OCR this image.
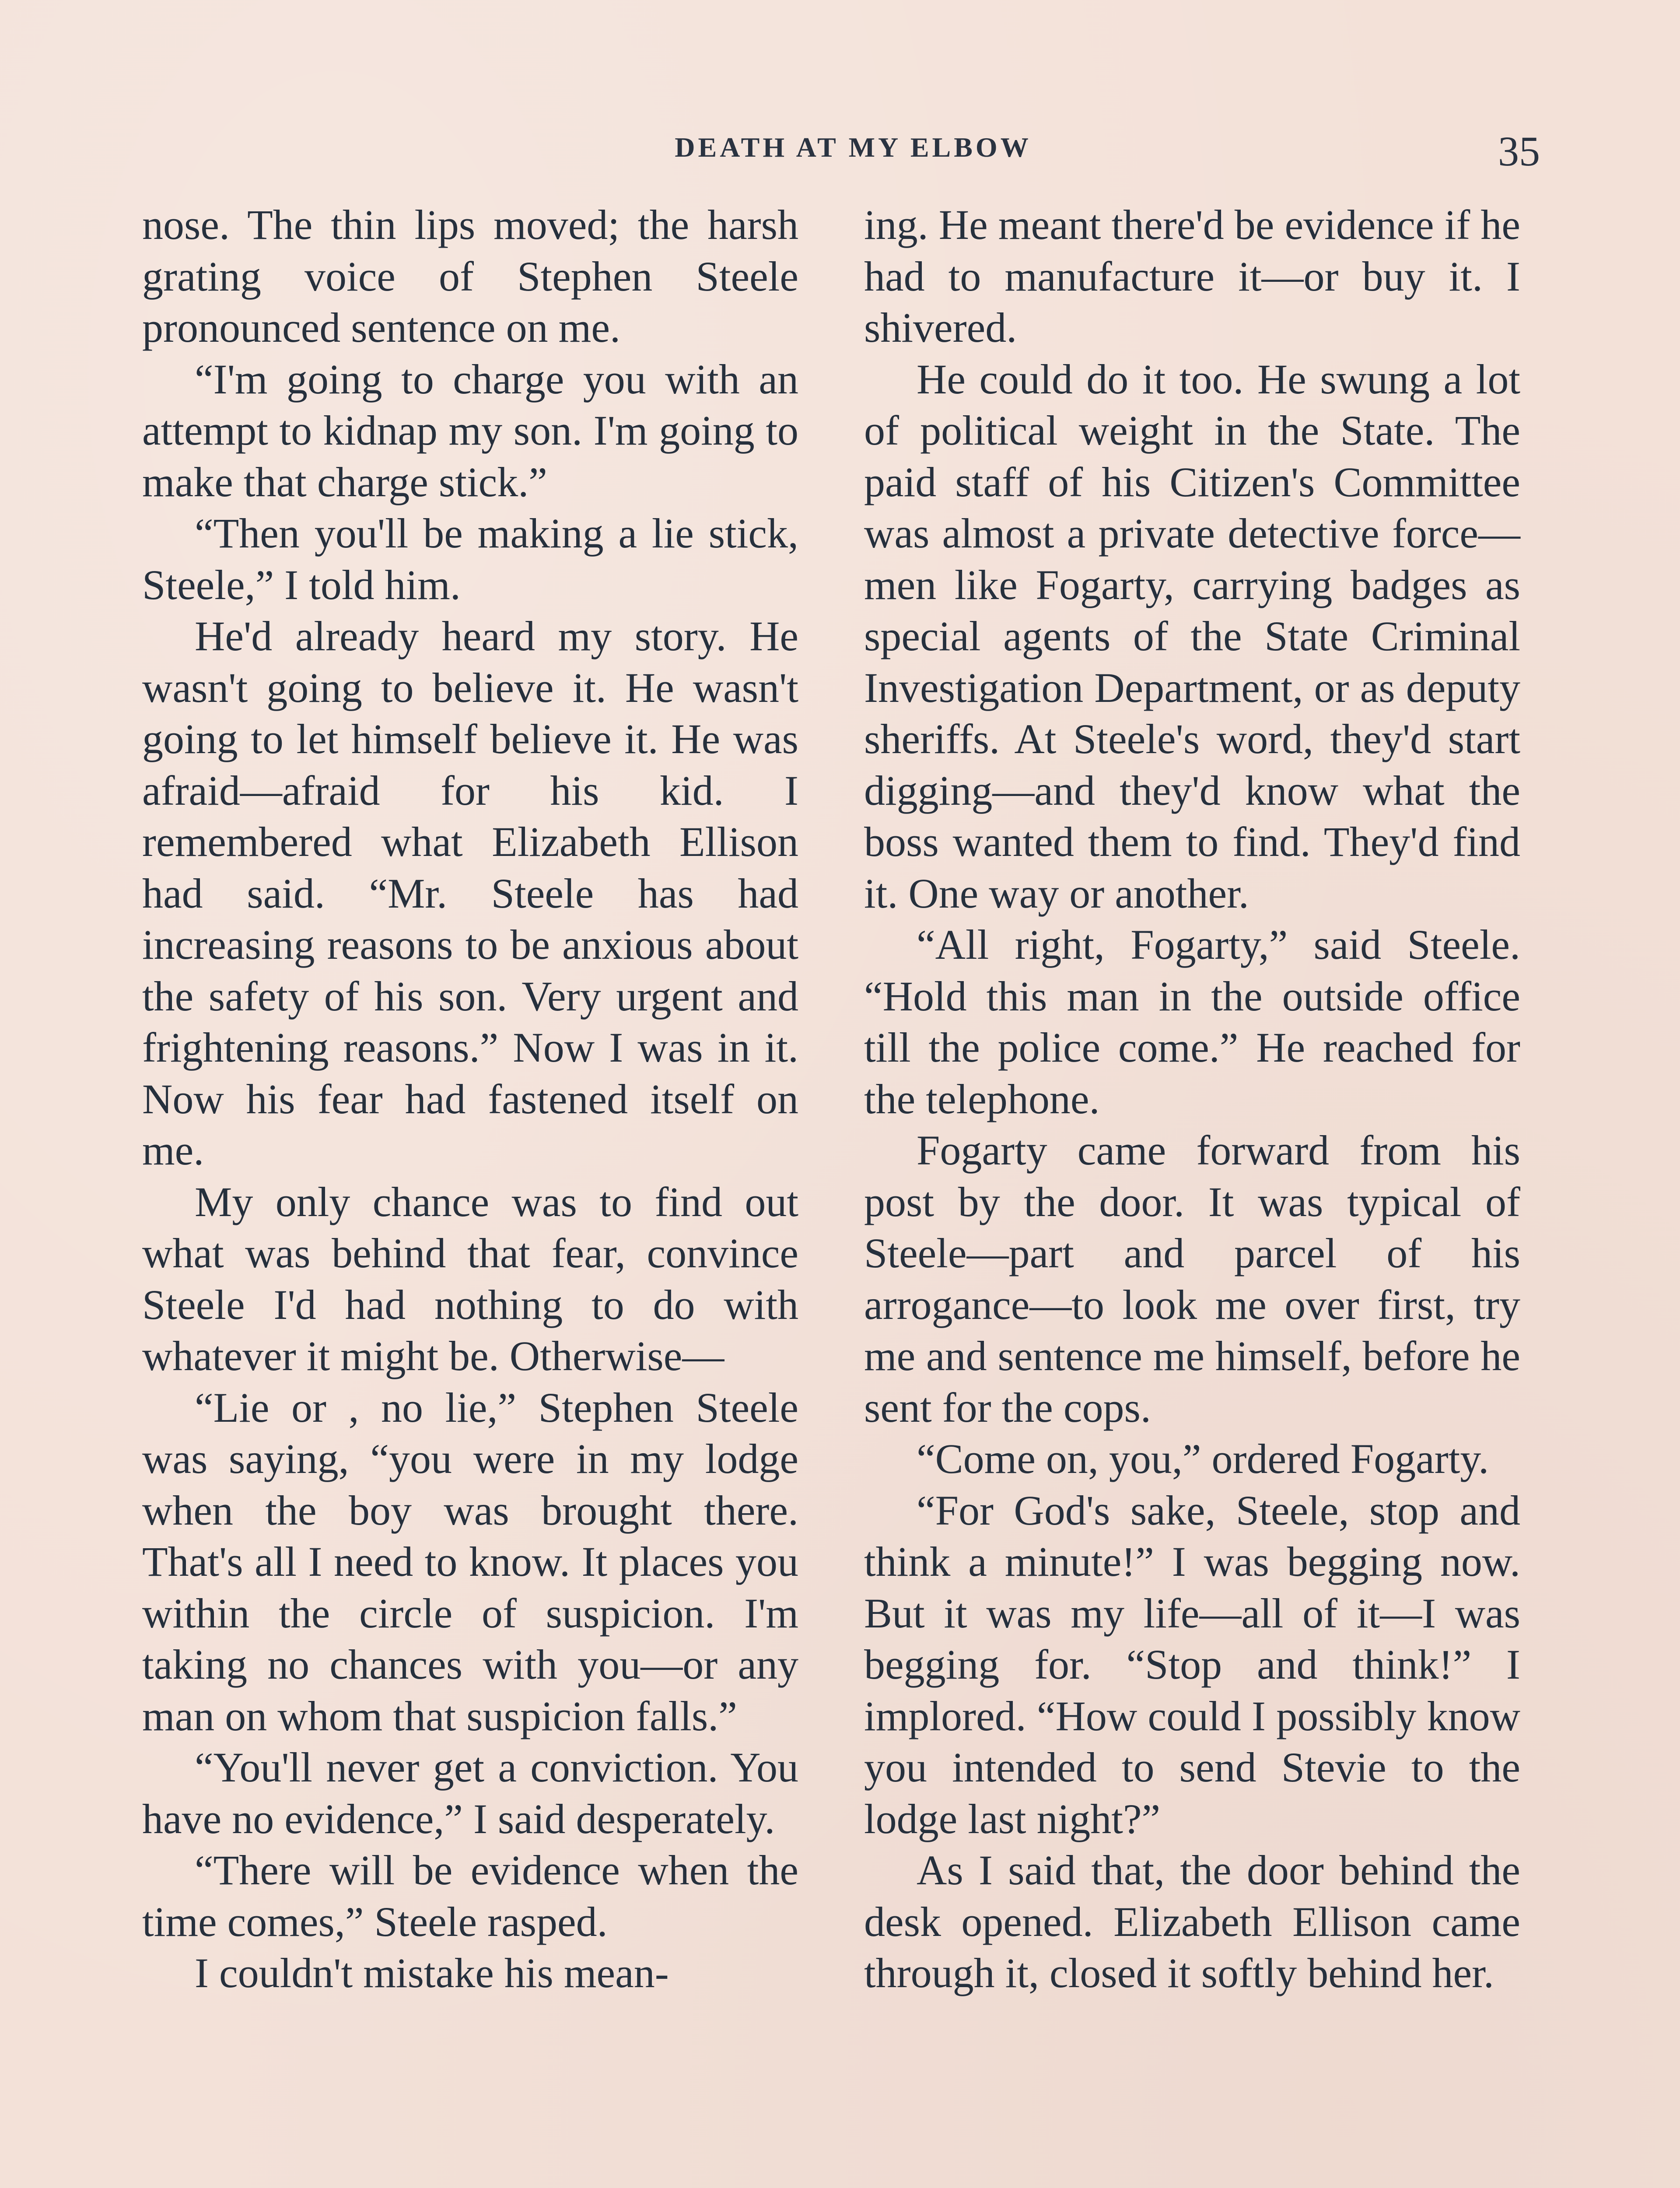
DEATH AT MY ELBOW	35

nose. The thin lips moved; the harsh grating voice of Stephen Steele pronounced sentence on me.

“I'm going to charge you with an attempt to kidnap my son. I'm going to make that charge stick.”

“Then you'll be making a lie stick, Steele,” I told him.

He'd already heard my story. He wasn't going to believe it. He wasn't going to let himself believe it. He was afraid—afraid for his kid. I remembered what Elizabeth Ellison had said. “Mr. Steele has had increasing reasons to be anxious about the safety of his son. Very urgent and frightening reasons.” Now I was in it. Now his fear had fastened itself on me.

My only chance was to find out what was behind that fear, convince Steele I'd had nothing to do with whatever it might be. Otherwise—

“Lie or , no lie,” Stephen Steele was saying, “you were in my lodge when the boy was brought there. That's all I need to know. It places you within the circle of suspicion. I'm taking no chances with you—or any man on whom that suspicion falls.”

“You'll never get a conviction. You have no evidence,” I said desperately.

“There will be evidence when the time comes,” Steele rasped.

I couldn't mistake his mean-

ing. He meant there'd be evidence if he had to manufacture it—or buy it. I shivered.

He could do it too. He swung a lot of political weight in the State. The paid staff of his Citizen's Committee was almost a private detective force—men like Fogarty, carrying badges as special agents of the State Criminal Investigation Department, or as deputy sheriffs. At Steele's word, they'd start digging—and they'd know what the boss wanted them to find. They'd find it. One way or another.

“All right, Fogarty,” said Steele. “Hold this man in the outside office till the police come.” He reached for the telephone.

Fogarty came forward from his post by the door. It was typical of Steele—part and parcel of his arrogance—to look me over first, try me and sentence me himself, before he sent for the cops.

“Come on, you,” ordered Fogarty.

“For God's sake, Steele, stop and think a minute!” I was begging now. But it was my life—all of it—I was begging for. “Stop and think!” I implored. “How could I possibly know you intended to send Stevie to the lodge last night?”

As I said that, the door behind the desk opened. Elizabeth Ellison came through it, closed it softly behind her.
